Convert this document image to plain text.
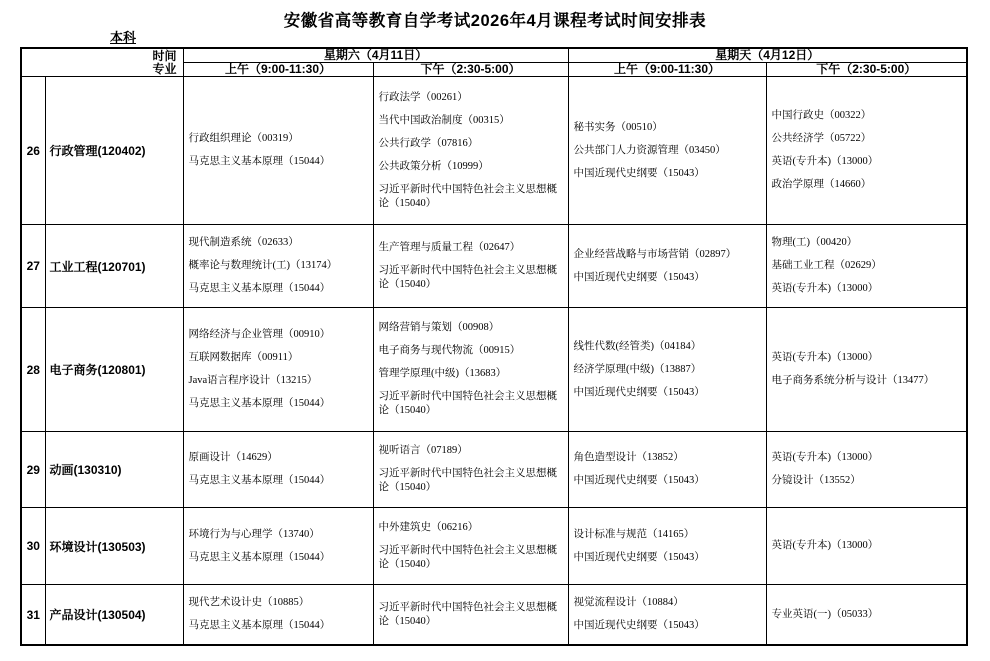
安徽省高等教育自学考试2026年4月课程考试时间安排表
本科
时间
专业		星期六（4月11日）		星期天（4月12日）	
		上午（9:00-11:30）	下午（2:30-5:00）	上午（9:00-11:30）	下午（2:30-5:00）
26	行政管理(120402)	
行政组织理论（00319）
马克思主义基本原理（15044）

行政法学（00261）
当代中国政治制度（00315）
公共行政学（07816）
公共政策分析（10999）
习近平新时代中国特色社会主义思想概论（15040）

秘书实务（00510）
公共部门人力资源管理（03450）
中国近现代史纲要（15043）

中国行政史（00322）
公共经济学（05722）
英语(专升本)（13000）
政治学原理（14660）

27	工业工程(120701)	
现代制造系统（02633）
概率论与数理统计(工)（13174）
马克思主义基本原理（15044）

生产管理与质量工程（02647）
习近平新时代中国特色社会主义思想概论（15040）

企业经营战略与市场营销（02897）
中国近现代史纲要（15043）

物理(工)（00420）
基础工业工程（02629）
英语(专升本)（13000）

28	电子商务(120801)	
网络经济与企业管理（00910）
互联网数据库（00911）
Java语言程序设计（13215）
马克思主义基本原理（15044）

网络营销与策划（00908）
电子商务与现代物流（00915）
管理学原理(中级)（13683）
习近平新时代中国特色社会主义思想概论（15040）

线性代数(经管类)（04184）
经济学原理(中级)（13887）
中国近现代史纲要（15043）

英语(专升本)（13000）
电子商务系统分析与设计（13477）

29	动画(130310)	
原画设计（14629）
马克思主义基本原理（15044）

视听语言（07189）
习近平新时代中国特色社会主义思想概论（15040）

角色造型设计（13852）
中国近现代史纲要（15043）

英语(专升本)（13000）
分镜设计（13552）

30	环境设计(130503)	
环境行为与心理学（13740）
马克思主义基本原理（15044）

中外建筑史（06216）
习近平新时代中国特色社会主义思想概论（15040）

设计标准与规范（14165）
中国近现代史纲要（15043）

英语(专升本)（13000）

31	产品设计(130504)	
现代艺术设计史（10885）
马克思主义基本原理（15044）

习近平新时代中国特色社会主义思想概论（15040）

视觉流程设计（10884）
中国近现代史纲要（15043）

专业英语(一)（05033）
